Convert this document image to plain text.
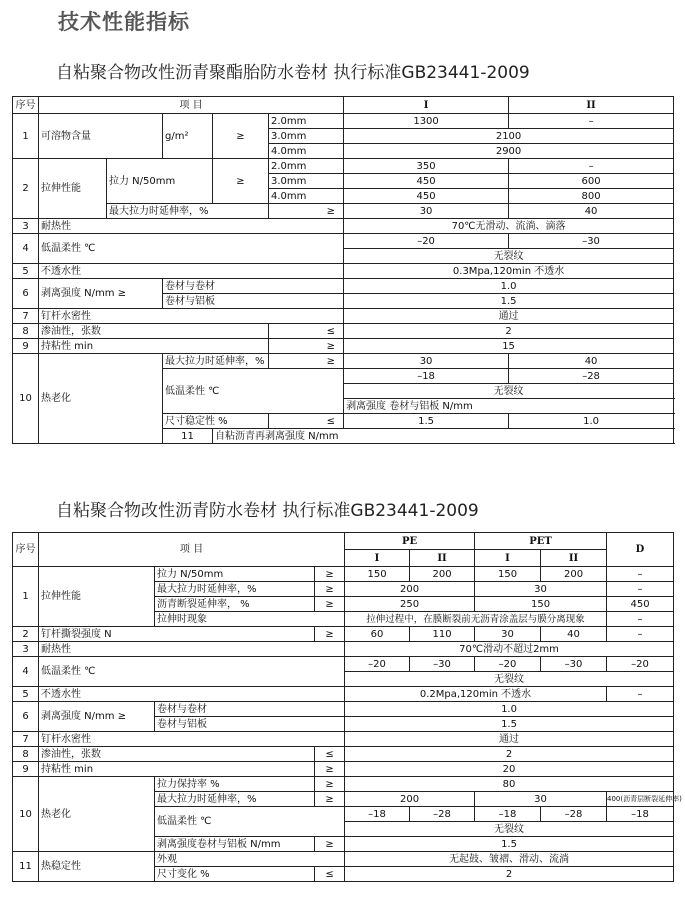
技术性能指标
自粘聚合物改性沥青聚酯胎防水卷材 执行标准GB23441-2009
序号	项 目					I	II	
1	可溶物含量		g/m²	≥	2.0mm	1300	–	
					3.0mm	2100		
					4.0mm	2900		
2	拉伸性能	拉力 N/50mm		≥	2.0mm	350	–	
					3.0mm	450	600	
					4.0mm	450	800	
		最大拉力时延伸率，%			≥	30	40	
3	耐热性					70℃无滑动、流淌、滴落		
4	低温柔性 ℃					–20	–30	
						无裂纹		
5	不透水性					0.3Mpa,120min 不透水		
6	剥离强度 N/mm ≥		卷材与卷材			1.0		
			卷材与铝板			1.5		
7	钉杆水密性					通过		
8	渗油性，张数				≤	2		
9	持粘性 min				≥	15		
10	热老化		最大拉力时延伸率，%		≥	30	40	
			低温柔性 ℃			–18	–28	
						无裂纹		
						剥离强度 卷材与铝板 N/mm		
			尺寸稳定性 %		≤	1.5	1.0	
			11	自粘沥青再剥离强度 N/mm		
自粘聚合物改性沥青防水卷材 执行标准GB23441-2009
序号	项 目			PE		PET		D
				I	II	I	II	
1	拉伸性能	拉力 N/50mm	≥	150	200	150	200	–
		最大拉力时延伸率，%	≥	200		30		–
		沥青断裂延伸率， %	≥	250		150		450
		拉伸时现象		拉伸过程中，在膜断裂前无沥青涂盖层与膜分离现象				–
2	钉杆撕裂强度 N		≥	60	110	30	40	–
3	耐热性			70℃滑动不超过2mm				
4	低温柔性 ℃			–20	–30	–20	–30	–20
				无裂纹				
5	不透水性			0.2Mpa,120min 不透水				–
6	剥离强度 N/mm ≥	卷材与卷材		1.0				
		卷材与铝板		1.5				
7	钉杆水密性			通过				
8	渗油性，张数		≤	2				
9	持粘性 min		≥	20				
10	热老化	拉力保持率 %	≥	80				
		最大拉力时延伸率，%	≥	200		30		400(沥青层断裂延伸率)
		低温柔性 ℃		–18	–28	–18	–28	–18
				无裂纹				
		剥离强度卷材与铝板 N/mm	≥	1.5				
11	热稳定性	外观		无起鼓、皱褶、滑动、流淌				
		尺寸变化 %	≤	2				
